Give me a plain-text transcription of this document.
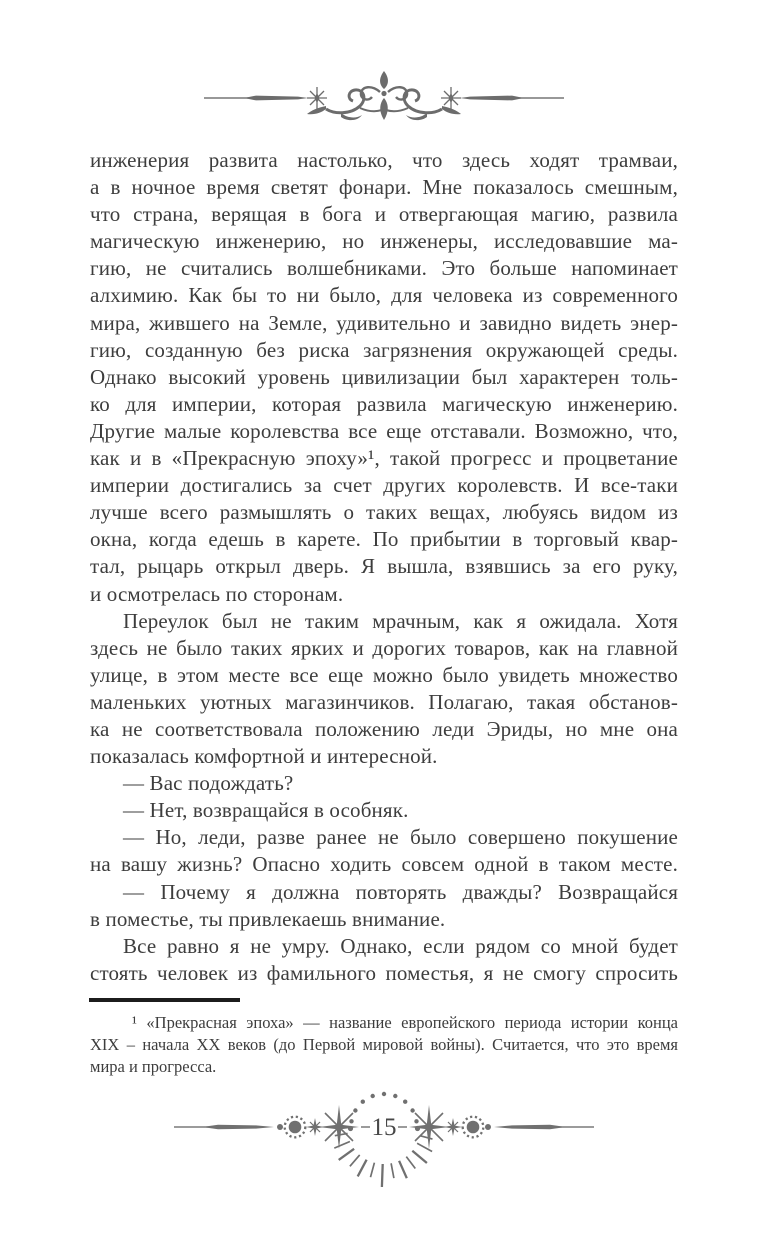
инженерия развита настолько, что здесь ходят трамваи,
а в ночное время светят фонари. Мне показалось смешным,
что страна, верящая в бога и отвергающая магию, развила
магическую инженерию, но инженеры, исследовавшие ма-
гию, не считались волшебниками. Это больше напоминает
алхимию. Как бы то ни было, для человека из современного
мира, жившего на Земле, удивительно и завидно видеть энер-
гию, созданную без риска загрязнения окружающей среды.
Однако высокий уровень цивилизации был характерен толь-
ко для империи, которая развила магическую инженерию.
Другие малые королевства все еще отставали. Возможно, что,
как и в «Прекрасную эпоху»¹, такой прогресс и процветание
империи достигались за счет других королевств. И все-таки
лучше всего размышлять о таких вещах, любуясь видом из
окна, когда едешь в карете. По прибытии в торговый квар-
тал, рыцарь открыл дверь. Я вышла, взявшись за его руку,
и осмотрелась по сторонам.
Переулок был не таким мрачным, как я ожидала. Хотя
здесь не было таких ярких и дорогих товаров, как на главной
улице, в этом месте все еще можно было увидеть множество
маленьких уютных магазинчиков. Полагаю, такая обстанов-
ка не соответствовала положению леди Эриды, но мне она
показалась комфортной и интересной.
— Вас подождать?
— Нет, возвращайся в особняк.
— Но, леди, разве ранее не было совершено покушение
на вашу жизнь? Опасно ходить совсем одной в таком месте.
— Почему я должна повторять дважды? Возвращайся
в поместье, ты привлекаешь внимание.
Все равно я не умру. Однако, если рядом со мной будет
стоять человек из фамильного поместья, я не смогу спросить
¹ «Прекрасная эпоха» — название европейского периода истории конца
XIX – начала XX веков (до Первой мировой войны). Считается, что это время
мира и прогресса.
15
